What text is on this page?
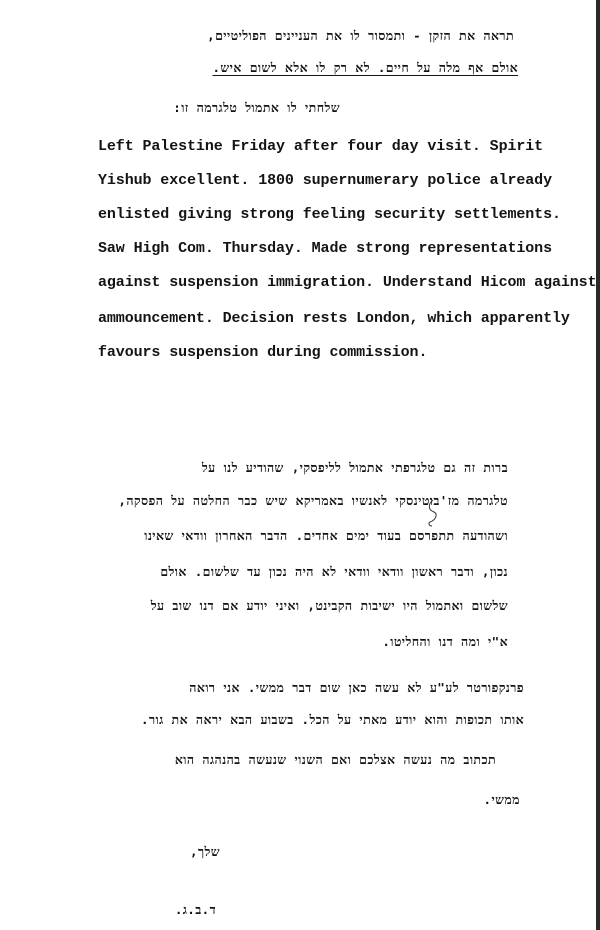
תראה את הזקן - ותמסור לו את העניינים הפוליטיים,
אולם אף מלה על חיים. לא רק לו אלא לשום איש.
שלחתי לו אתמול טלגרמה זו:
Left Palestine Friday after four day visit. Spirit
Yishub excellent. 1800 supernumerary police already
enlisted giving strong feeling security settlements.
Saw High Com. Thursday. Made strong representations
against suspension immigration. Understand Hicom against
ammouncement. Decision rests London, which apparently
favours suspension during commission.
ברות זה גם טלגרפתי אתמול לליפסקי, שהודיע לנו על
טלגרמה מז'בוטינסקי לאנשיו באמריקא שיש כבר החלטה על הפסקה,
ושהודעה תתפרסם בעוד ימים אחדים. הדבר האחרון וודאי שאינו
נכון, ודבר ראשון וודאי וודאי לא היה נכון עד שלשום. אולם
שלשום ואתמול היו ישיבות הקבינט, ואיני יודע אם דנו שוב על
א"י ומה דנו והחליטו.
פרנקפורטר לע"ע לא עשה כאן שום דבר ממשי. אני רואה
אותו תכופות והוא יודע מאתי על הכל. בשבוע הבא יראה את גור.
תכתוב מה נעשה אצלכם ואם השנוי שנעשה בהנהגה הוא
ממשי.
שלך,
ד.ב.ג.
